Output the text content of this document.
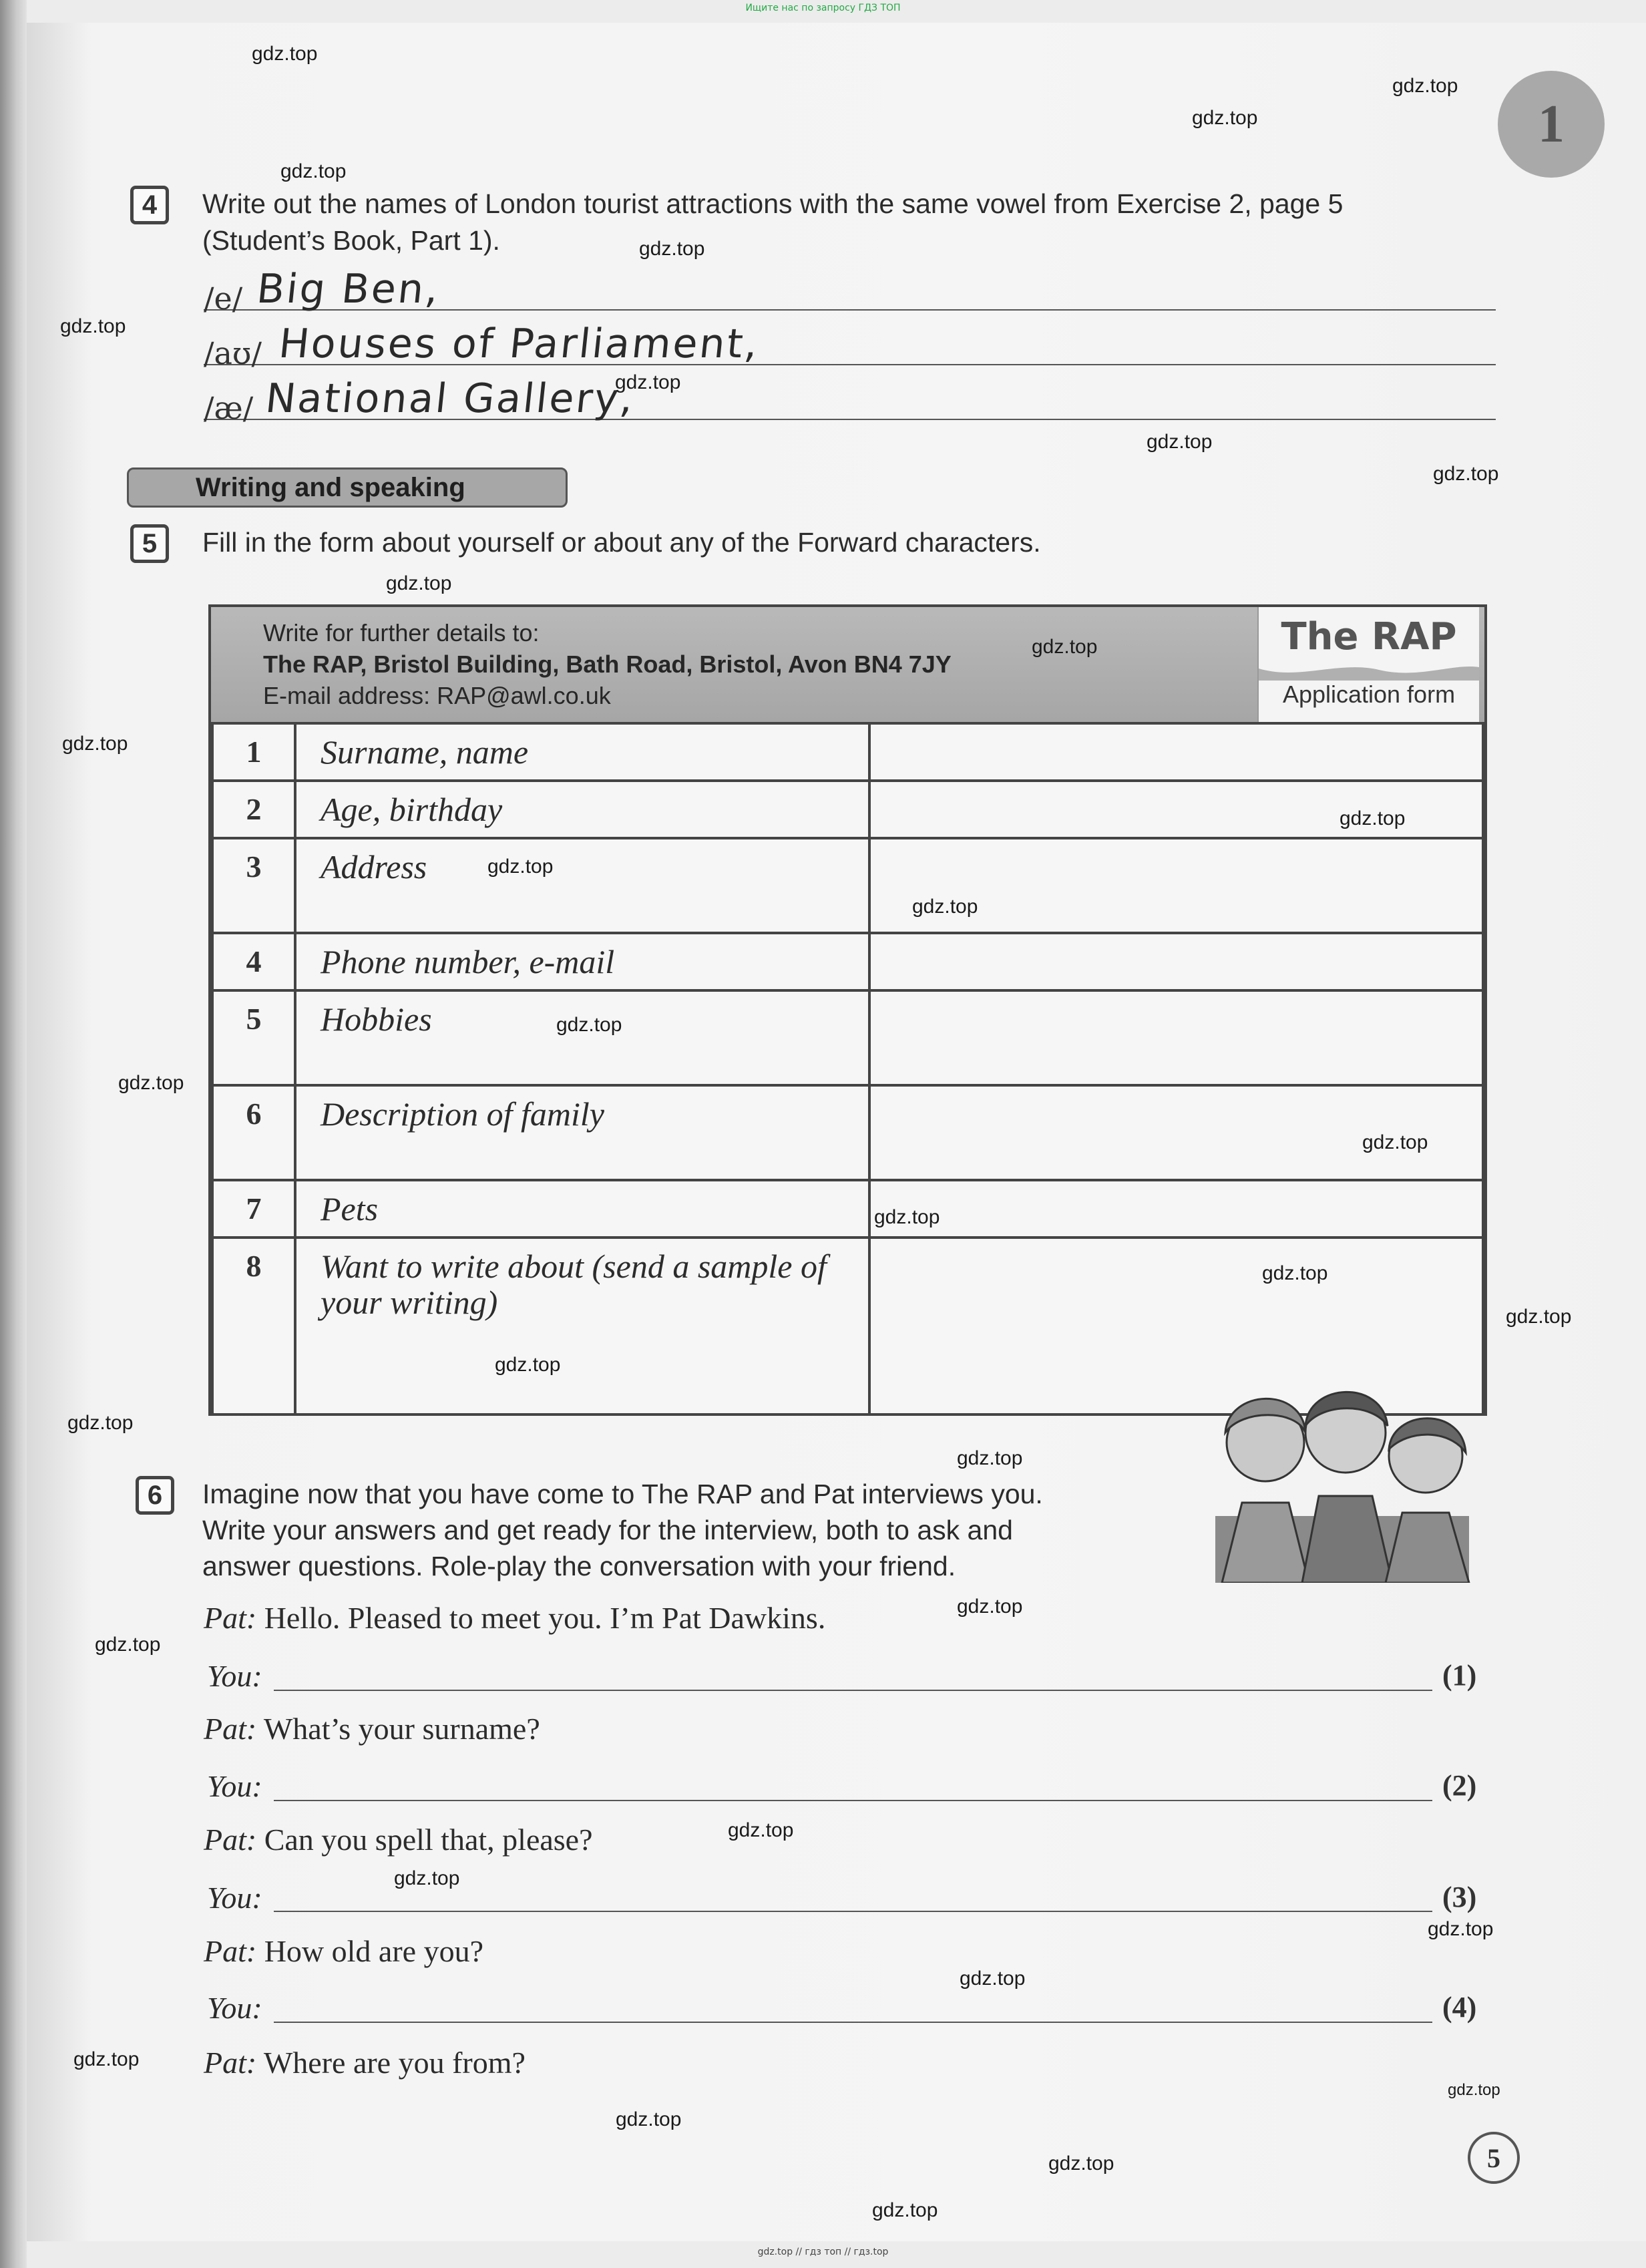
Ищите нас по запросу ГДЗ ТОП
1
4	Write out the names of London tourist attractions with the same vowel from Exercise 2, page 5
(Student’s Book, Part 1).
/e/ Big Ben,
/aʊ/ Houses of Parliament,
/æ/ National Gallery,
Writing and speaking
5	Fill in the form about yourself or about any of the Forward characters.
Write for further details to:
The RAP, Bristol Building, Bath Road, Bristol, Avon BN4 7JY
E-mail address: RAP@awl.co.uk
The RAP
Application form
1	Surname, name	
2	Age, birthday	
3	Address	
4	Phone number, e-mail	
5	Hobbies	
6	Description of family	
7	Pets	
8	Want to write about (send a sample of your writing)	
6	Imagine now that you have come to The RAP and Pat interviews you.
Write your answers and get ready for the interview, both to ask and
answer questions. Role-play the conversation with your friend.
Pat: Hello. Pleased to meet you. I’m Pat Dawkins.
You:	(1)
Pat: What’s your surname?
You:	(2)
Pat: Can you spell that, please?
You:	(3)
Pat: How old are you?
You:	(4)
Pat: Where are you from?
5
gdz.top
gdz.top
gdz.top
gdz.top
gdz.top
gdz.top
gdz.top
gdz.top
gdz.top
gdz.top
gdz.top
gdz.top
gdz.top
gdz.top
gdz.top
gdz.top
gdz.top
gdz.top
gdz.top
gdz.top
gdz.top
gdz.top
gdz.top
gdz.top
gdz.top
gdz.top
gdz.top
gdz.top
gdz.top
gdz.top
gdz.top
gdz.top
gdz.top
gdz.top
gdz.top
gdz.top // гдз топ // гдз.top
